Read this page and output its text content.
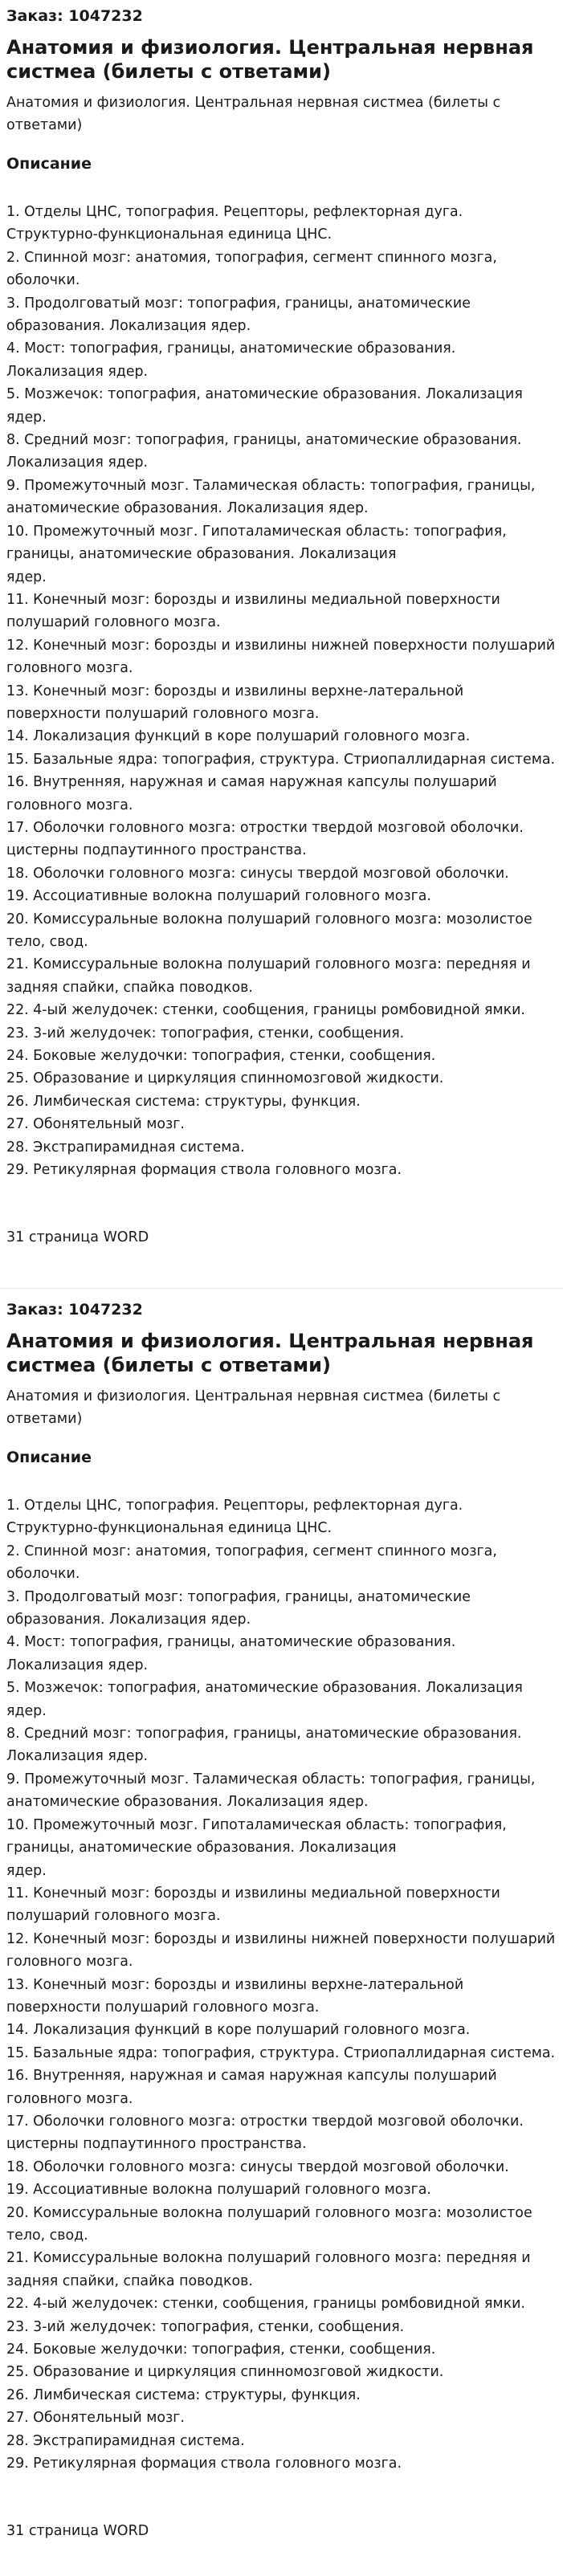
Заказ: 1047232
Анатомия и физиология. Центральная нервная систмеа (билеты с ответами)
Анатомия и физиология. Центральная нервная систмеа (билеты с ответами)
Описание

1. Отделы ЦНС, топография. Рецепторы, рефлекторная дуга. Структурно-функциональная единица ЦНС.

2. Спинной мозг: анатомия, топография, сегмент спинного мозга, оболочки.

3. Продолговатый мозг: топография, границы, анатомические образования. Локализация ядер.

4. Мост: топография, границы, анатомические образования. Локализация ядер.

5. Мозжечок: топография, анатомические образования. Локализация ядер.

8. Средний мозг: топография, границы, анатомические образования. Локализация ядер.

9. Промежуточный мозг. Таламическая область: топография, границы, анатомические образования. Локализация ядер.

10. Промежуточный мозг. Гипоталамическая область: топография, границы, анатомические образования. Локализация

ядер.

11. Конечный мозг: борозды и извилины медиальной поверхности полушарий головного мозга.

12. Конечный мозг: борозды и извилины нижней поверхности полушарий головного мозга.

13. Конечный мозг: борозды и извилины верхне-латеральной поверхности полушарий головного мозга.

14. Локализация функций в коре полушарий головного мозга.

15. Базальные ядра: топография, структура. Стриопаллидарная система.

16. Внутренняя, наружная и самая наружная капсулы полушарий головного мозга.

17. Оболочки головного мозга: отростки твердой мозговой оболочки. цистерны подпаутинного пространства.

18. Оболочки головного мозга: синусы твердой мозговой оболочки.

19. Ассоциативные волокна полушарий головного мозга.

20. Комиссуральные волокна полушарий головного мозга: мозолистое тело, свод.

21. Комиссуральные волокна полушарий головного мозга: передняя и задняя спайки, спайка поводков.

22. 4-ый желудочек: стенки, сообщения, границы ромбовидной ямки.

23. 3-ий желудочек: топография, стенки, сообщения.

24. Боковые желудочки: топография, стенки, сообщения.

25. Образование и циркуляция спинномозговой жидкости.

26. Лимбическая система: структуры, функция.

27. Обонятельный мозг.

28. Экстрапирамидная система.

29. Ретикулярная формация ствола головного мозга.

31 страница WORD
Заказ: 1047232
Анатомия и физиология. Центральная нервная систмеа (билеты с ответами)
Анатомия и физиология. Центральная нервная систмеа (билеты с ответами)
Описание

1. Отделы ЦНС, топография. Рецепторы, рефлекторная дуга. Структурно-функциональная единица ЦНС.

2. Спинной мозг: анатомия, топография, сегмент спинного мозга, оболочки.

3. Продолговатый мозг: топография, границы, анатомические образования. Локализация ядер.

4. Мост: топография, границы, анатомические образования. Локализация ядер.

5. Мозжечок: топография, анатомические образования. Локализация ядер.

8. Средний мозг: топография, границы, анатомические образования. Локализация ядер.

9. Промежуточный мозг. Таламическая область: топография, границы, анатомические образования. Локализация ядер.

10. Промежуточный мозг. Гипоталамическая область: топография, границы, анатомические образования. Локализация

ядер.

11. Конечный мозг: борозды и извилины медиальной поверхности полушарий головного мозга.

12. Конечный мозг: борозды и извилины нижней поверхности полушарий головного мозга.

13. Конечный мозг: борозды и извилины верхне-латеральной поверхности полушарий головного мозга.

14. Локализация функций в коре полушарий головного мозга.

15. Базальные ядра: топография, структура. Стриопаллидарная система.

16. Внутренняя, наружная и самая наружная капсулы полушарий головного мозга.

17. Оболочки головного мозга: отростки твердой мозговой оболочки. цистерны подпаутинного пространства.

18. Оболочки головного мозга: синусы твердой мозговой оболочки.

19. Ассоциативные волокна полушарий головного мозга.

20. Комиссуральные волокна полушарий головного мозга: мозолистое тело, свод.

21. Комиссуральные волокна полушарий головного мозга: передняя и задняя спайки, спайка поводков.

22. 4-ый желудочек: стенки, сообщения, границы ромбовидной ямки.

23. 3-ий желудочек: топография, стенки, сообщения.

24. Боковые желудочки: топография, стенки, сообщения.

25. Образование и циркуляция спинномозговой жидкости.

26. Лимбическая система: структуры, функция.

27. Обонятельный мозг.

28. Экстрапирамидная система.

29. Ретикулярная формация ствола головного мозга.

31 страница WORD
